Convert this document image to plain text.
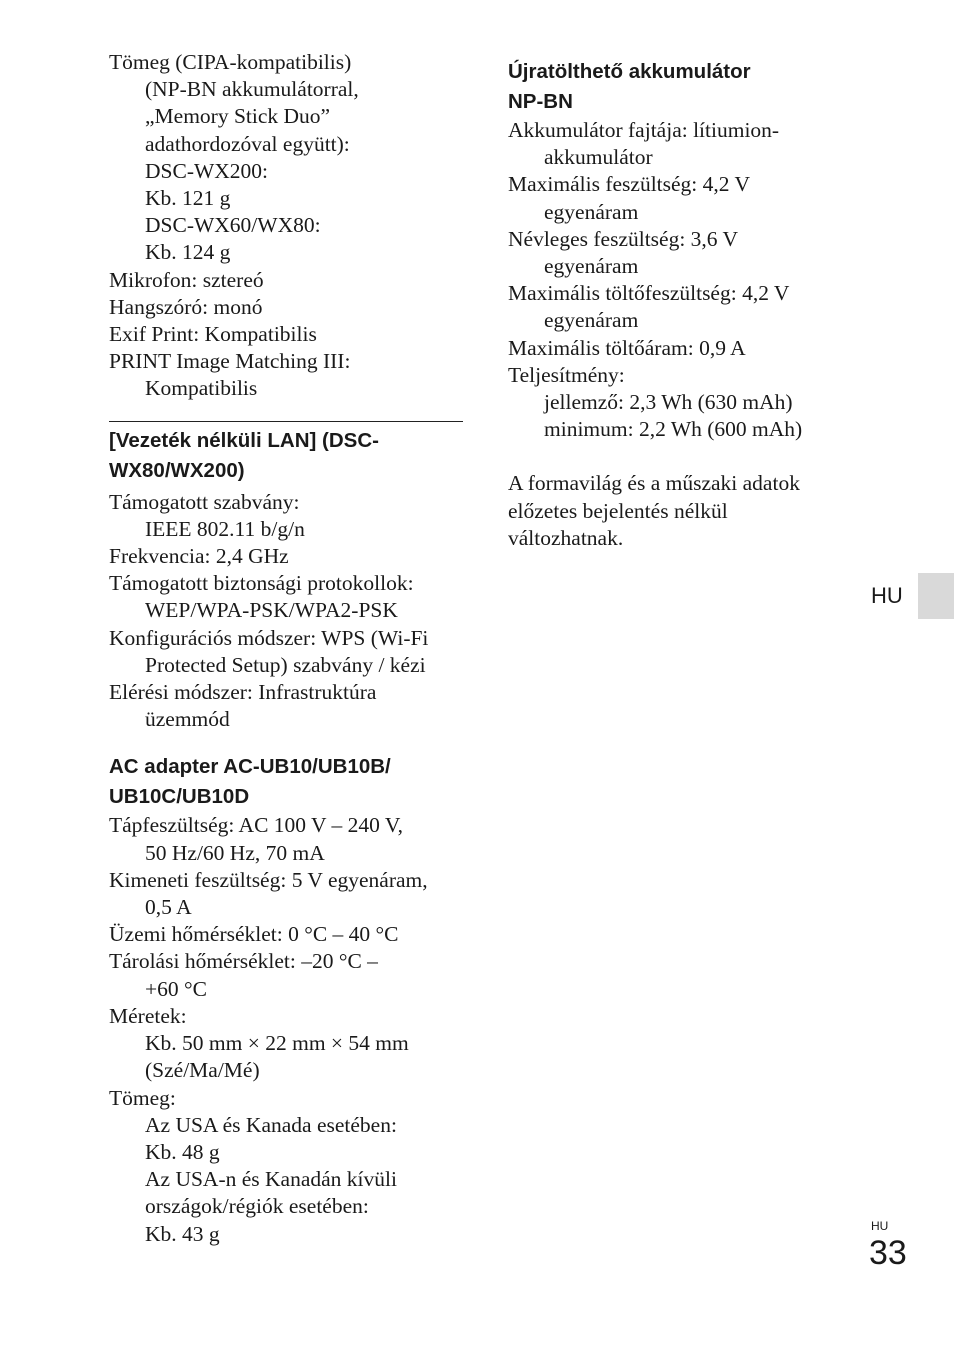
Tömeg (CIPA-kompatibilis)
(NP-BN akkumulátorral,
„Memory Stick Duo”
adathordozóval együtt):
DSC-WX200:
Kb. 121 g
DSC-WX60/WX80:
Kb. 124 g
Mikrofon: sztereó
Hangszóró: monó
Exif Print: Kompatibilis
PRINT Image Matching III:
Kompatibilis
[Vezeték nélküli LAN] (DSC-
WX80/WX200)
Támogatott szabvány:
IEEE 802.11 b/g/n
Frekvencia: 2,4 GHz
Támogatott biztonsági protokollok:
WEP/WPA-PSK/WPA2-PSK
Konfigurációs módszer: WPS (Wi-Fi
Protected Setup) szabvány / kézi
Elérési módszer: Infrastruktúra
üzemmód
AC adapter AC-UB10/UB10B/
UB10C/UB10D
Tápfeszültség: AC 100 V – 240 V,
50 Hz/60 Hz, 70 mA
Kimeneti feszültség: 5 V egyenáram,
0,5 A
Üzemi hőmérséklet: 0 °C – 40 °C
Tárolási hőmérséklet: –20 °C –
+60 °C
Méretek:
Kb. 50 mm × 22 mm × 54 mm
(Szé/Ma/Mé)
Tömeg:
Az USA és Kanada esetében:
Kb. 48 g
Az USA-n és Kanadán kívüli
országok/régiók esetében:
Kb. 43 g
Újratölthető akkumulátor
NP-BN
Akkumulátor fajtája: lítiumion-
akkumulátor
Maximális feszültség: 4,2 V
egyenáram
Névleges feszültség: 3,6 V
egyenáram
Maximális töltőfeszültség: 4,2 V
egyenáram
Maximális töltőáram: 0,9 A
Teljesítmény:
jellemző: 2,3 Wh (630 mAh)
minimum: 2,2 Wh (600 mAh)
A formavilág és a műszaki adatok
előzetes bejelentés nélkül
változhatnak.
HU
HU
33
